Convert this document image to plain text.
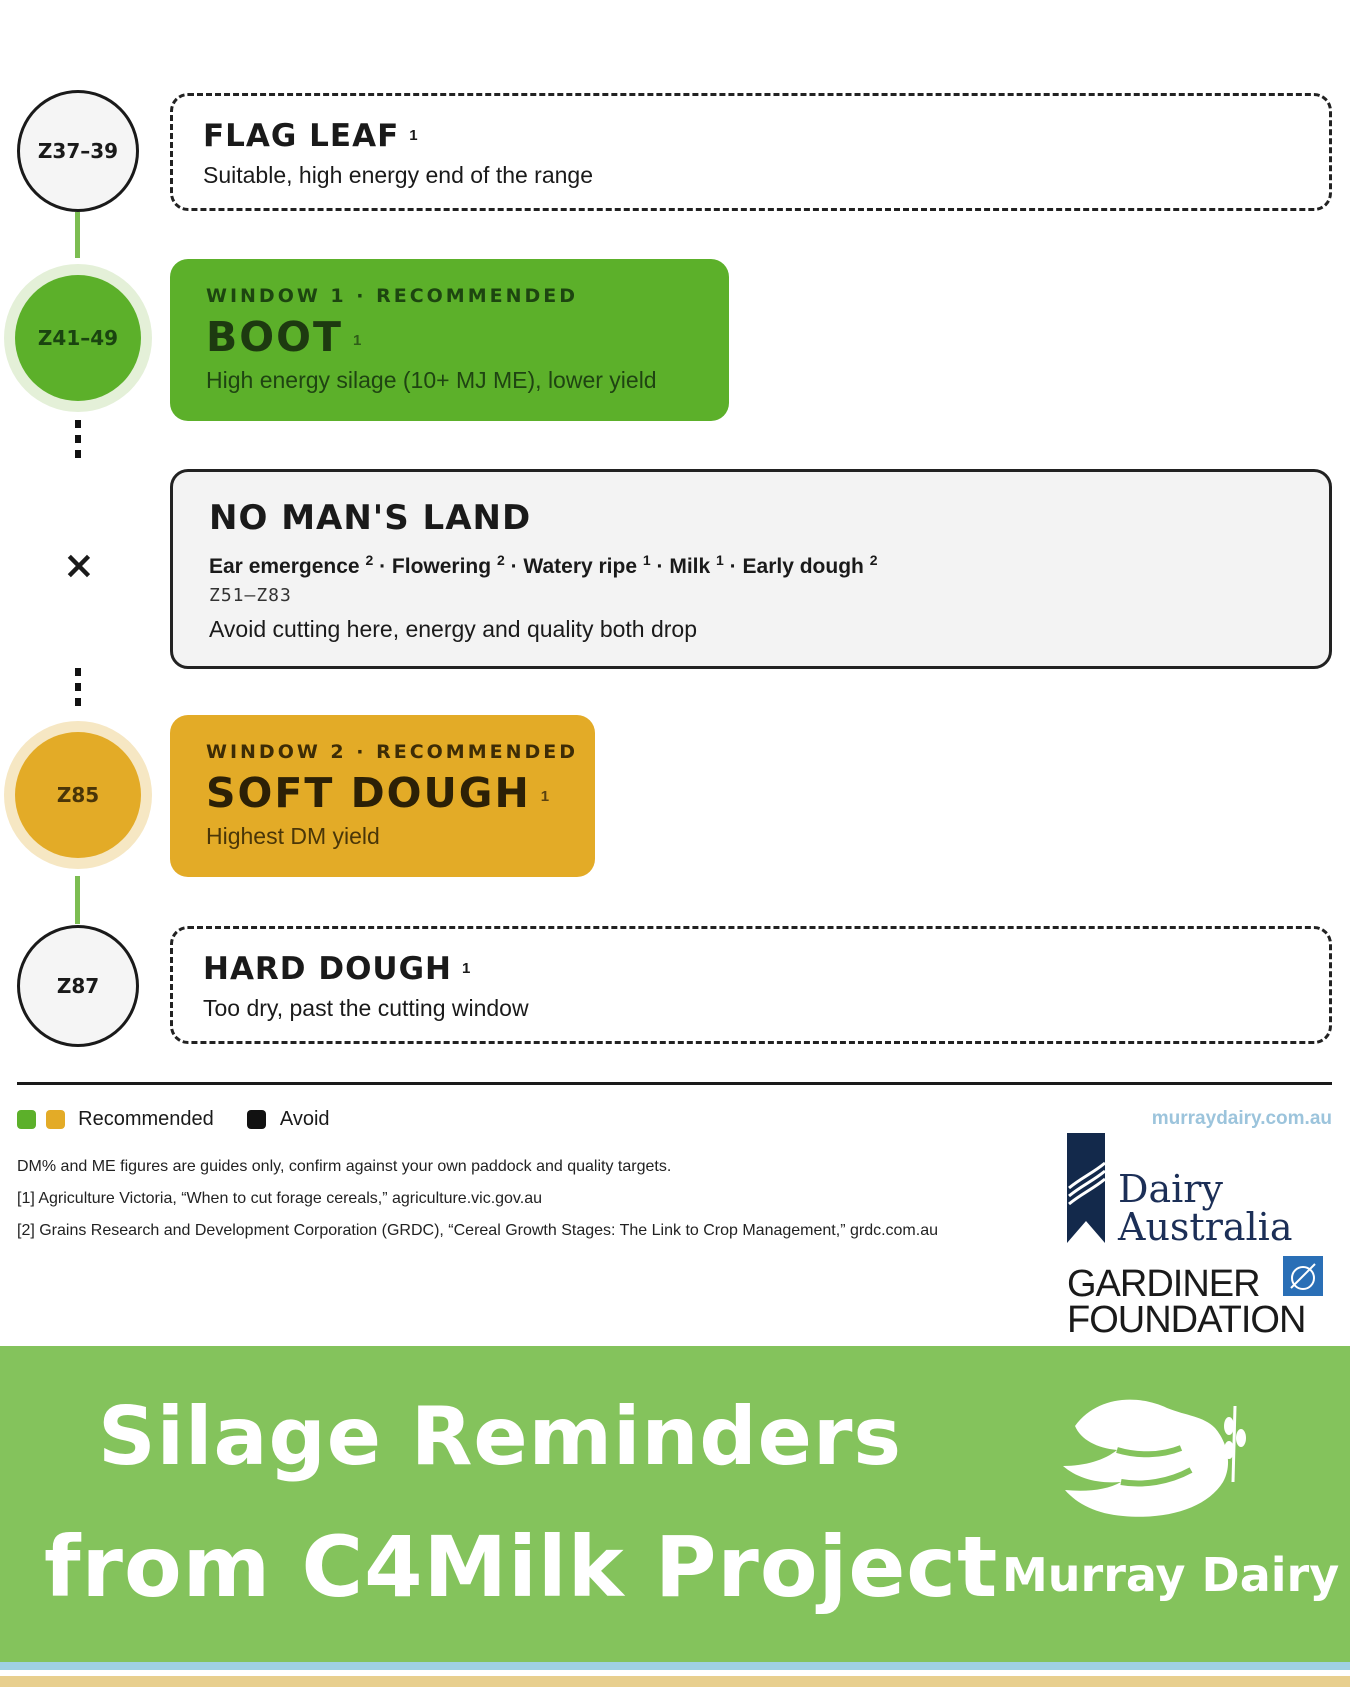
Z37–39
Z41–49
×
Z85
Z87
FLAG LEAF 1
Suitable, high energy end of the range
WINDOW 1 · RECOMMENDED
BOOT 1
High energy silage (10+ MJ ME), lower yield
NO MAN'S LAND
Ear emergence $^2$ · Flowering $^2$ · Watery ripe $^1$ · Milk $^1$ · Early dough $^2$
Z51–Z83
Avoid cutting here, energy and quality both drop
WINDOW 2 · RECOMMENDED
SOFT DOUGH 1
Highest DM yield
HARD DOUGH 1
Too dry, past the cutting window
Recommended	Avoid	murraydairy.com.au
DM% and ME figures are guides only, confirm against your own paddock and quality targets.
[1] Agriculture Victoria, “When to cut forage cereals,” agriculture.vic.gov.au
[2] Grains Research and Development Corporation (GRDC), “Cereal Growth Stages: The Link to Crop Management,” grdc.com.au
Dairy
Australia
GARDINER
FOUNDATION
Silage Reminders
from C4Milk Project Murray Dairy
